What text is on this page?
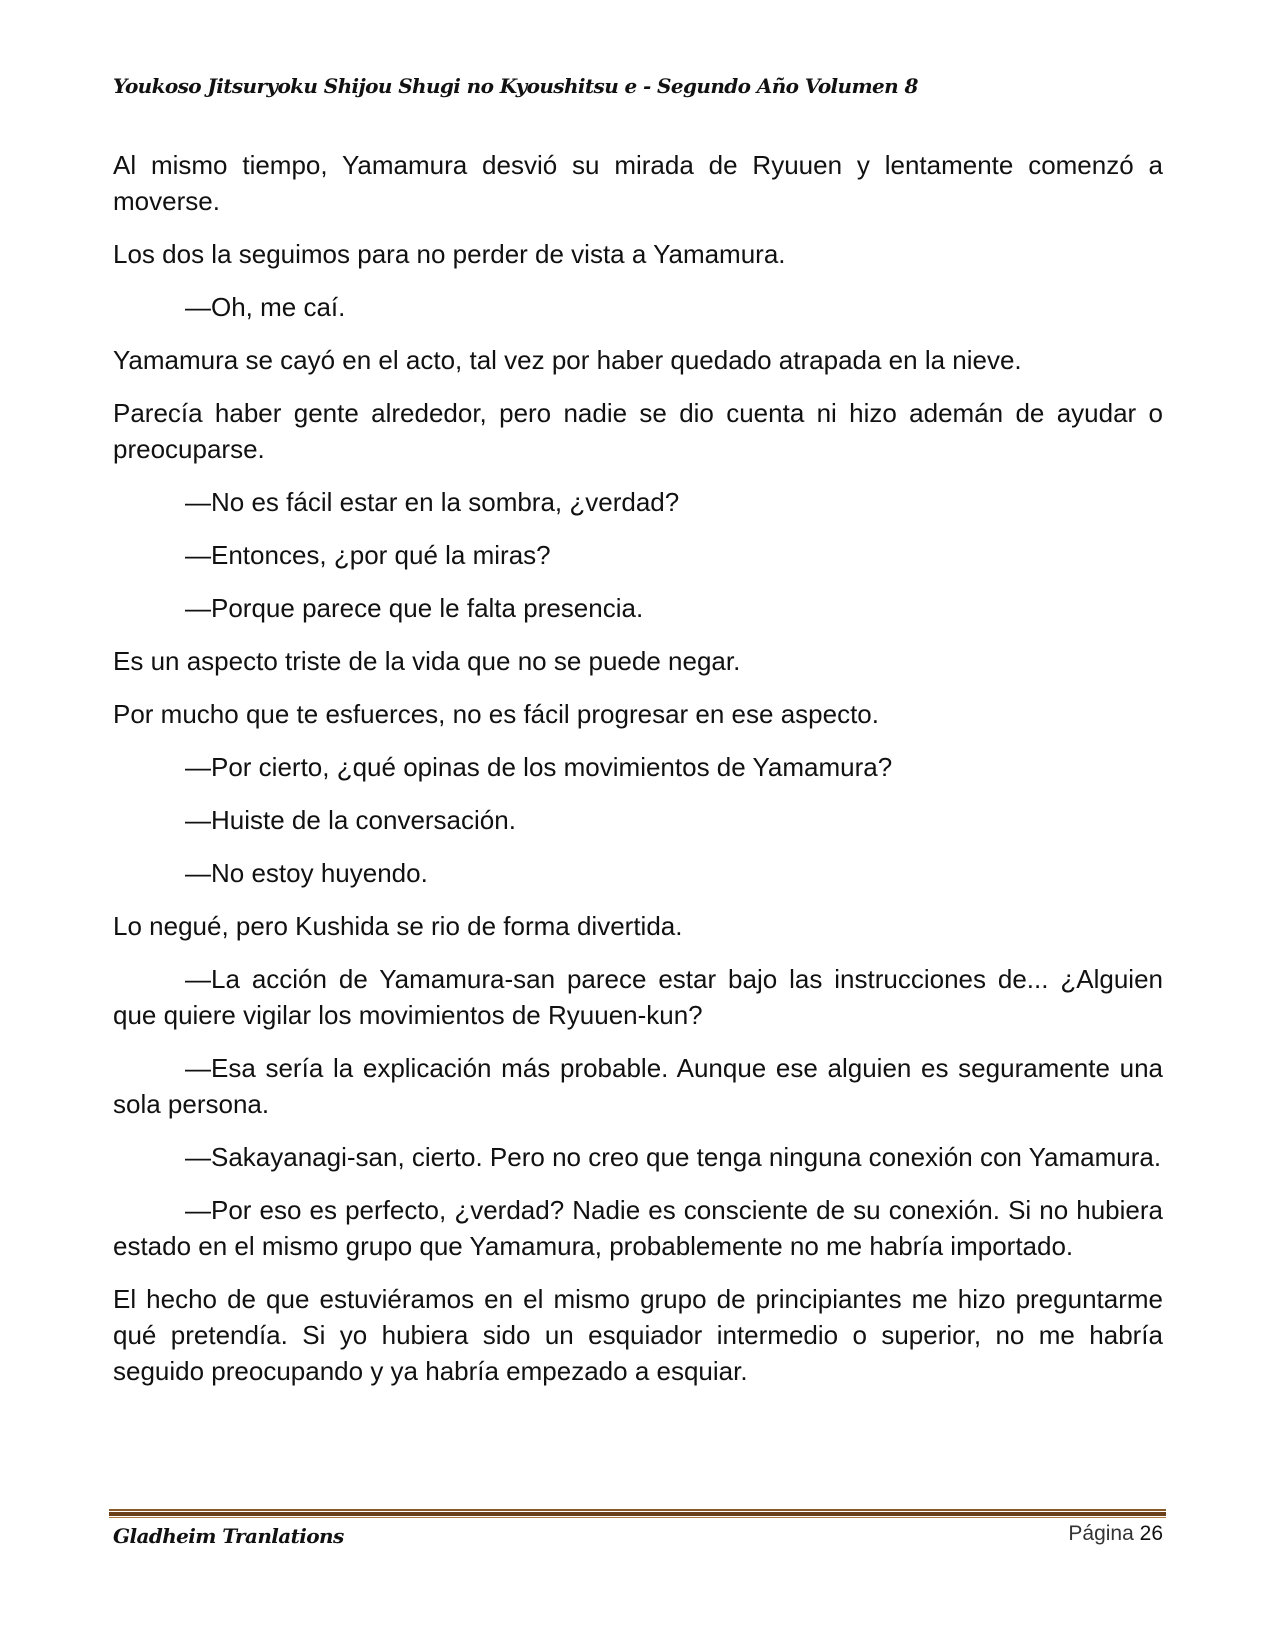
Youkoso Jitsuryoku Shijou Shugi no Kyoushitsu e - Segundo Año Volumen 8

Al mismo tiempo, Yamamura desvió su mirada de Ryuuen y lentamente comenzó a moverse.

Los dos la seguimos para no perder de vista a Yamamura.

—Oh, me caí.

Yamamura se cayó en el acto, tal vez por haber quedado atrapada en la nieve.

Parecía haber gente alrededor, pero nadie se dio cuenta ni hizo ademán de ayudar o preocuparse.

—No es fácil estar en la sombra, ¿verdad?

—Entonces, ¿por qué la miras?

—Porque parece que le falta presencia.

Es un aspecto triste de la vida que no se puede negar.

Por mucho que te esfuerces, no es fácil progresar en ese aspecto.

—Por cierto, ¿qué opinas de los movimientos de Yamamura?

—Huiste de la conversación.

—No estoy huyendo.

Lo negué, pero Kushida se rio de forma divertida.

—La acción de Yamamura-san parece estar bajo las instrucciones de... ¿Alguien que quiere vigilar los movimientos de Ryuuen-kun?

—Esa sería la explicación más probable. Aunque ese alguien es seguramente una sola persona.

—Sakayanagi-san, cierto. Pero no creo que tenga ninguna conexión con Yamamura.

—Por eso es perfecto, ¿verdad? Nadie es consciente de su conexión. Si no hubiera estado en el mismo grupo que Yamamura, probablemente no me habría importado.

El hecho de que estuviéramos en el mismo grupo de principiantes me hizo preguntarme qué pretendía. Si yo hubiera sido un esquiador intermedio o superior, no me habría seguido preocupando y ya habría empezado a esquiar.

Gladheim Tranlations	Página 26
